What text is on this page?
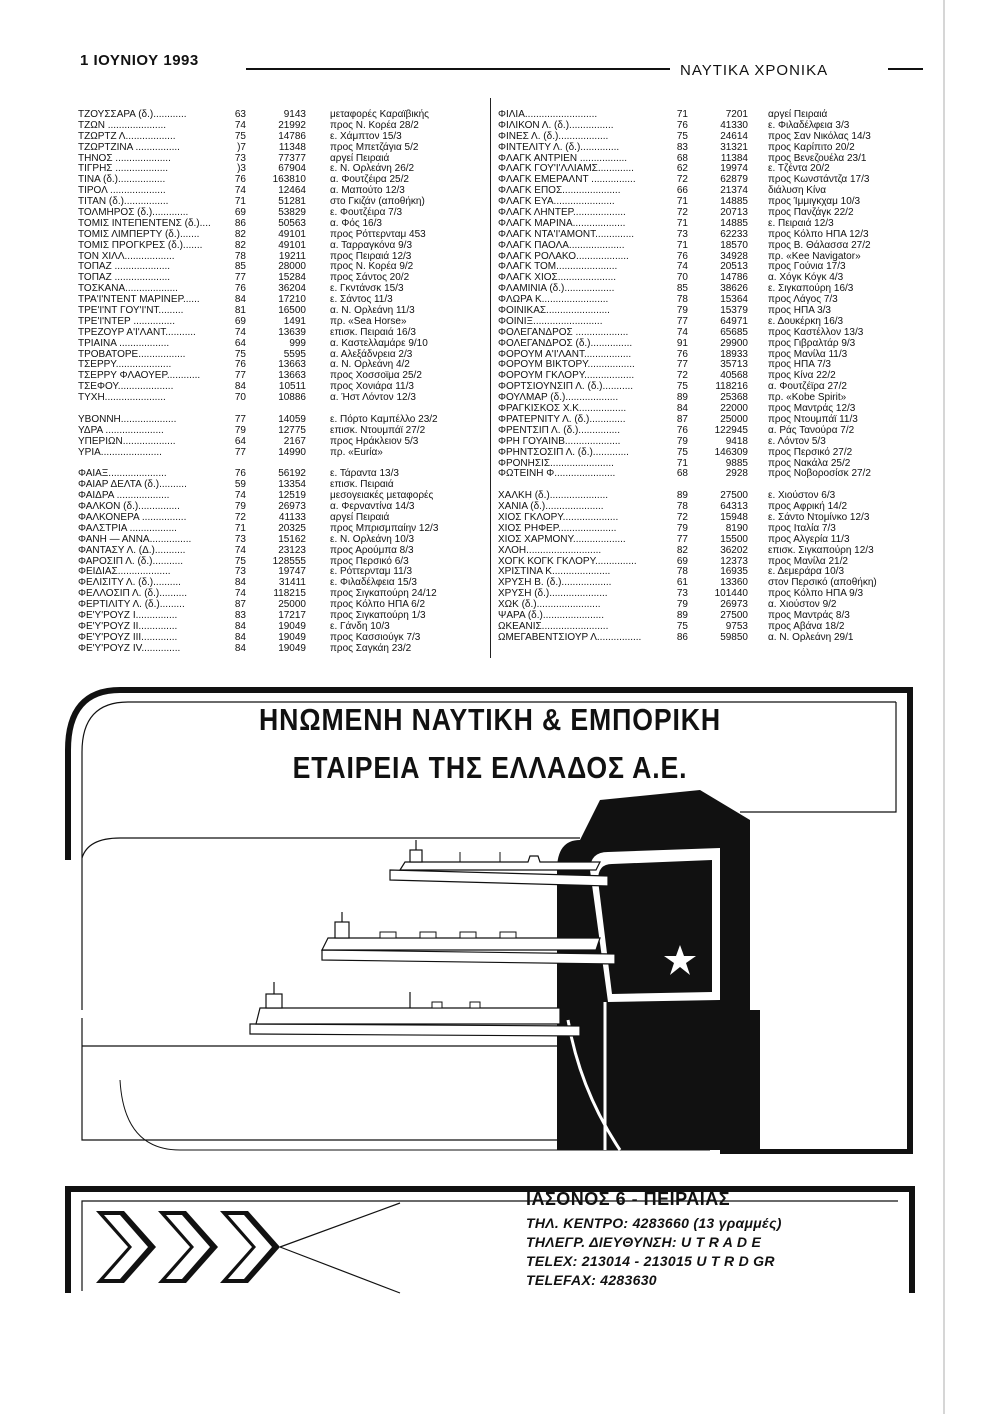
1 ΙΟΥΝΙΟΥ 1993
ΝΑΥΤΙΚΑ ΧΡΟΝΙΚΑ
ΤΖΟΥΣΣΑΡΑ (δ.)............	63	9143 μεταφορές Καραϊβικής
ΤΖΩΝ .....................	74	21992 προς Ν. Κορέα 28/2
ΤΖΩΡΤΖ Λ..................	75	14786 ε. Χάμπτον 15/3
ΤΖΩΡΤΖΙΝΑ ................	)7	11348 προς Μπετζάγια 5/2
ΤΗΝΟΣ ....................	73	77377 αργεί Πειραιά
ΤΙΓΡΗΣ ...................	)3	67904 ε. Ν. Ορλεάνη 26/2
ΤΙΝΑ (δ.).................	76	163810 α. Φουτζέιρα 25/2
ΤΙΡΟΛ ....................	74	12464 α. Μαπούτο 12/3
ΤΙΤΑΝ (δ.)................	71	51281 στο Γκιζάν (αποθήκη)
ΤΟΛΜΗΡΟΣ (δ.).............	69	53829 ε. Φουτζέιρα 7/3
ΤΟΜΙΣ ΙΝΤΕΠΕΝΤΕΝΣ (δ.)....	86	50563 α. Φός 16/3
ΤΟΜΙΣ ΛΙΜΠΕΡΤΥ (δ.).......	82	49101 προς Ρόττερνταμ 453
ΤΟΜΙΣ ΠΡΟΓΚΡΕΣ (δ.).......	82	49101 α. Ταρραγκόνα 9/3
ΤΟΝ ΧΙΛΛ..................	78	19211 προς Πειραιά 12/3
ΤΟΠΑΖ ....................	85	28000 προς Ν. Κορέα 9/2
ΤΟΠΑΖ ....................	77	15284 προς Σάντος 20/2
ΤΟΣΚΑΝΑ...................	76	36204 ε. Γκντάνσκ 15/3
ΤΡΑ'Ι'ΝΤΕΝΤ ΜΑΡΙΝΕΡ......	84	17210 ε. Σάντος 11/3
ΤΡΕ'Ι'ΝΤ ΓΟΥ'Ι'ΝΤ.........	81	16500 α. Ν. Ορλεάνη 11/3
ΤΡΕ'Ι'ΝΤΕΡ ...............	69	1491 πρ. «Sea Horse»
ΤΡΕΖΟΥΡ Α'Ι'ΛΑΝΤ...........	74	13639 επισκ. Πειραιά 16/3
ΤΡΙΑΙΝΑ ..................	64	999 α. Καστελλαμάρε 9/10
ΤΡΟΒΑΤΟΡΕ.................	75	5595 α. Αλεξάδνρεια 2/3
ΤΣΕΡΡΥ....................	76	13663 α. Ν. Ορλεάνη 4/2
ΤΣΕΡΡΥ ΦΛΑΟΥΕΡ............	77	13663 προς Χοσσοϊμα 25/2
ΤΣΕΦΟΥ....................	84	10511 προς Χονιάρα 11/3
ΤΥΧΗ......................	70	10886 α. Ήστ Λόντον 12/3
ΥΒΟΝΝΗ....................	77	14059 ε. Πόρτο Καμπέλλο 23/2
ΥΔΡΑ .....................	79	12775 επισκ. Ντουμπάϊ 27/2
ΥΠΕΡΙΩΝ...................	64	2167 προς Ηράκλειον 5/3
ΥΡΙΑ......................	77	14990 πρ. «Eurία»
ΦΑΙΑΞ.....................	76	56192 ε. Τάραντα 13/3
ΦΑΙΑΡ ΔΕΛΤΑ (δ.)..........	59	13354 επισκ. Πειραιά
ΦΑΙΔΡΑ ...................	74	12519 μεσογειακές μεταφορές
ΦΑΛΚΟΝ (δ.)...............	79	26973 α. Φερναντίνα 14/3
ΦΑΛΚΟΝΕΡΑ ................	72	41133 αργεί Πειραιά
ΦΑΛΣΤΡΙΑ .................	71	20325 προς Μπρισμπαίην 12/3
ΦΑΝΗ — ΑΝΝΑ...............	73	15162 ε. Ν. Ορλεάνη 10/3
ΦΑΝΤΑΣΥ Λ. (Δ.)...........	74	23123 προς Αρούμπα 8/3
ΦΑΡΟΣΙΠ Λ. (δ.)...........	75	128555 προς Περσικό 6/3
ΦΕΙΔΙΑΣ...................	73	19747 ε. Ρόττερνταμ 11/3
ΦΕΛΙΣΙΤΥ Λ. (δ.)..........	84	31411 ε. Φιλαδέλφεια 15/3
ΦΕΛΛΟΣΙΠ Λ. (δ.)..........	74	118215 προς Σιγκαπούρη 24/12
ΦΕΡΤΙΛΙΤΥ Λ. (δ.).........	87	25000 προς Κόλπο ΗΠΑ 6/2
ΦΕ'Υ'ΡΟΥΖ Ι...............	83	17217 προς Σιγκαπούρη 1/3
ΦΕ'Υ'ΡΟΥΖ ΙΙ..............	84	19049 ε. Γάνδη 10/3
ΦΕ'Υ'ΡΟΥΖ ΙΙΙ.............	84	19049 προς Κασσιούγκ 7/3
ΦΕ'Υ'ΡΟΥΖ ΙV..............	84	19049 προς Σαγκάη 23/2
ΦΙΛΙΑ..........................	71	7201 αργεί Πειραιά
ΦΙΛΙΚΟΝ Λ. (δ.)................	76	41330 ε. Φιλαδέλφεια 3/3
ΦΙΝΕΣ Λ. (δ.)..................	75	24614 προς Σαν Νικόλας 14/3
ΦΙΝΤΕΛΙΤΥ Λ. (δ.)..............	83	31321 προς Καρίπιτο 20/2
ΦΛΑΓΚ ΑΝΤΡΙΕΝ .................	68	11384 προς Βενεζουέλα 23/1
ΦΛΑΓΚ ΓΟΥ'Ι'ΛΛΙΑΜΣ.............	62	19974 ε. Τζέντα 20/2
ΦΛΑΓΚ ΕΜΕΡΑΛΝΤ ................	72	62879 προς Κωνστάντζα 17/3
ΦΛΑΓΚ ΕΠΟΣ.....................	66	21374 διάλυση Κίνα
ΦΛΑΓΚ ΕΥΑ......................	71	14885 προς Ίμμιγκχαμ 10/3
ΦΛΑΓΚ ΛΗΝΤΕΡ...................	72	20713 προς Πανζάγκ 22/2
ΦΛΑΓΚ ΜΑΡΙΝΑ...................	71	14885 ε. Πειραιά 12/3
ΦΛΑΓΚ ΝΤΑ'Ι'ΑΜΟΝΤ..............	73	62233 προς Κόλπο ΗΠΑ 12/3
ΦΛΑΓΚ ΠΑΟΛΑ....................	71	18570 προς Β. Θάλασσα 27/2
ΦΛΑΓΚ ΡΟΛΑΚΟ...................	76	34928 πρ. «Kee Navigator»
ΦΛΑΓΚ ΤΟΜ......................	74	20513 προς Γούνια 17/3
ΦΛΑΓΚ ΧΙΟΣ.....................	70	14786 α. Χόγκ Κόγκ 4/3
ΦΛΑΜΙΝΙΑ (δ.)..................	85	38626 ε. Σιγκαπούρη 16/3
ΦΛΩΡΑ Κ........................	78	15364 προς Λάγος 7/3
ΦΟΙΝΙΚΑΣ.......................	79	15379 προς ΗΠΑ 3/3
ΦΟΙΝΙΞ.........................	77	64971 ε. Δουκέρκη 16/3
ΦΟΛΕΓΑΝΔΡΟΣ ...................	74	65685 προς Καστέλλον 13/3
ΦΟΛΕΓΑΝΔΡΟΣ (δ.)...............	91	29900 προς Γιβραλτάρ 9/3
ΦΟΡΟΥΜ Α'Ι'ΛΑΝΤ.................	76	18933 προς Μανίλα 11/3
ΦΟΡΟΥΜ ΒΙΚΤΟΡΥ.................	77	35713 προς ΗΠΑ 7/3
ΦΟΡΟΥΜ ΓΚΛΟΡΥ..................	72	40568 προς Κίνα 22/2
ΦΟΡΤΣΙΟΥΝΣΙΠ Λ. (δ.)...........	75	118216 α. Φουτζέϊρα 27/2
ΦΟΥΛΜΑΡ (δ.)...................	89	25368 πρ. «Kobe Spirit»
ΦΡΑΓΚΙΣΚΟΣ Χ.Κ.................	84	22000 προς Μαντράς 12/3
ΦΡΑΤΕΡΝΙΤΥ Λ. (δ.).............	87	25000 προς Ντουμπάϊ 11/3
ΦΡΕΝΤΣΙΠ Λ. (δ.)...............	76	122945 α. Ράς Τανούρα 7/2
ΦΡΗ ΓΟΥΑΙΝΒ....................	79	9418 ε. Λόντον 5/3
ΦΡΗΝΤΣΟΣΙΠ Λ. (δ.).............	75	146309 προς Περσικό 27/2
ΦΡΟΝΗΣΙΣ.......................	71	9885 προς Νακάλα 25/2
ΦΩΤΕΙΝΗ Φ......................	68	2928 προς Νοβοροσίσκ 27/2
ΧΑΛΚΗ (δ.).....................	89	27500 ε. Χιούστον 6/3
ΧΑΝΙΑ (δ.).....................	78	64313 προς Αφρική 14/2
ΧΙΟΣ ΓΚΛΟΡΥ....................	72	15948 ε. Σάντο Ντομίνκο 12/3
ΧΙΟΣ ΡΗΦΕΡ.....................	79	8190 προς Ιταλία 7/3
ΧΙΟΣ ΧΑΡΜΟΝΥ...................	77	15500 προς Αλγερία 11/3
ΧΛΟΗ...........................	82	36202 επισκ. Σιγκαπούρη 12/3
ΧΟΓΚ ΚΟΓΚ ΓΚΛΟΡΥ...............	69	12373 προς Μανίλα 21/2
ΧΡΙΣΤΙΝΑ Κ.....................	78	16935 ε. Δεμεράρα 10/3
ΧΡΥΣΗ Β. (δ.)..................	61	13360 στον Περσικό (αποθήκη)
ΧΡΥΣΗ (δ.).....................	73	101440 προς Κόλπο ΗΠΑ 9/3
ΧΩΚ (δ.).......................	79	26973 α. Χιούστον 9/2
ΨΑΡΑ (δ.)......................	89	27500 προς Μαντράς 8/3
ΩΚΕΑΝΙΣ........................	75	9753 προς Αβάνα 18/2
ΩΜΕΓΑΒΕΝΤΣΙΟΥΡ Λ................	86	59850 α. Ν. Ορλεάνη 29/1
ΗΝΩΜΕΝΗ ΝΑΥΤΙΚΗ & ΕΜΠΟΡΙΚΗ
ΕΤΑΙΡΕΙΑ ΤΗΣ ΕΛΛΑΔΟΣ Α.Ε.
ΙΑΣΟΝΟΣ 6 - ΠΕΙΡΑΙΑΣ
ΤΗΛ. ΚΕΝΤΡΟ: 4283660 (13 γραμμές)
ΤΗΛΕΓΡ. ΔΙΕΥΘΥΝΣΗ: U T R A D E
TELEX: 213014 - 213015 U T R D GR
TELEFAX: 4283630
